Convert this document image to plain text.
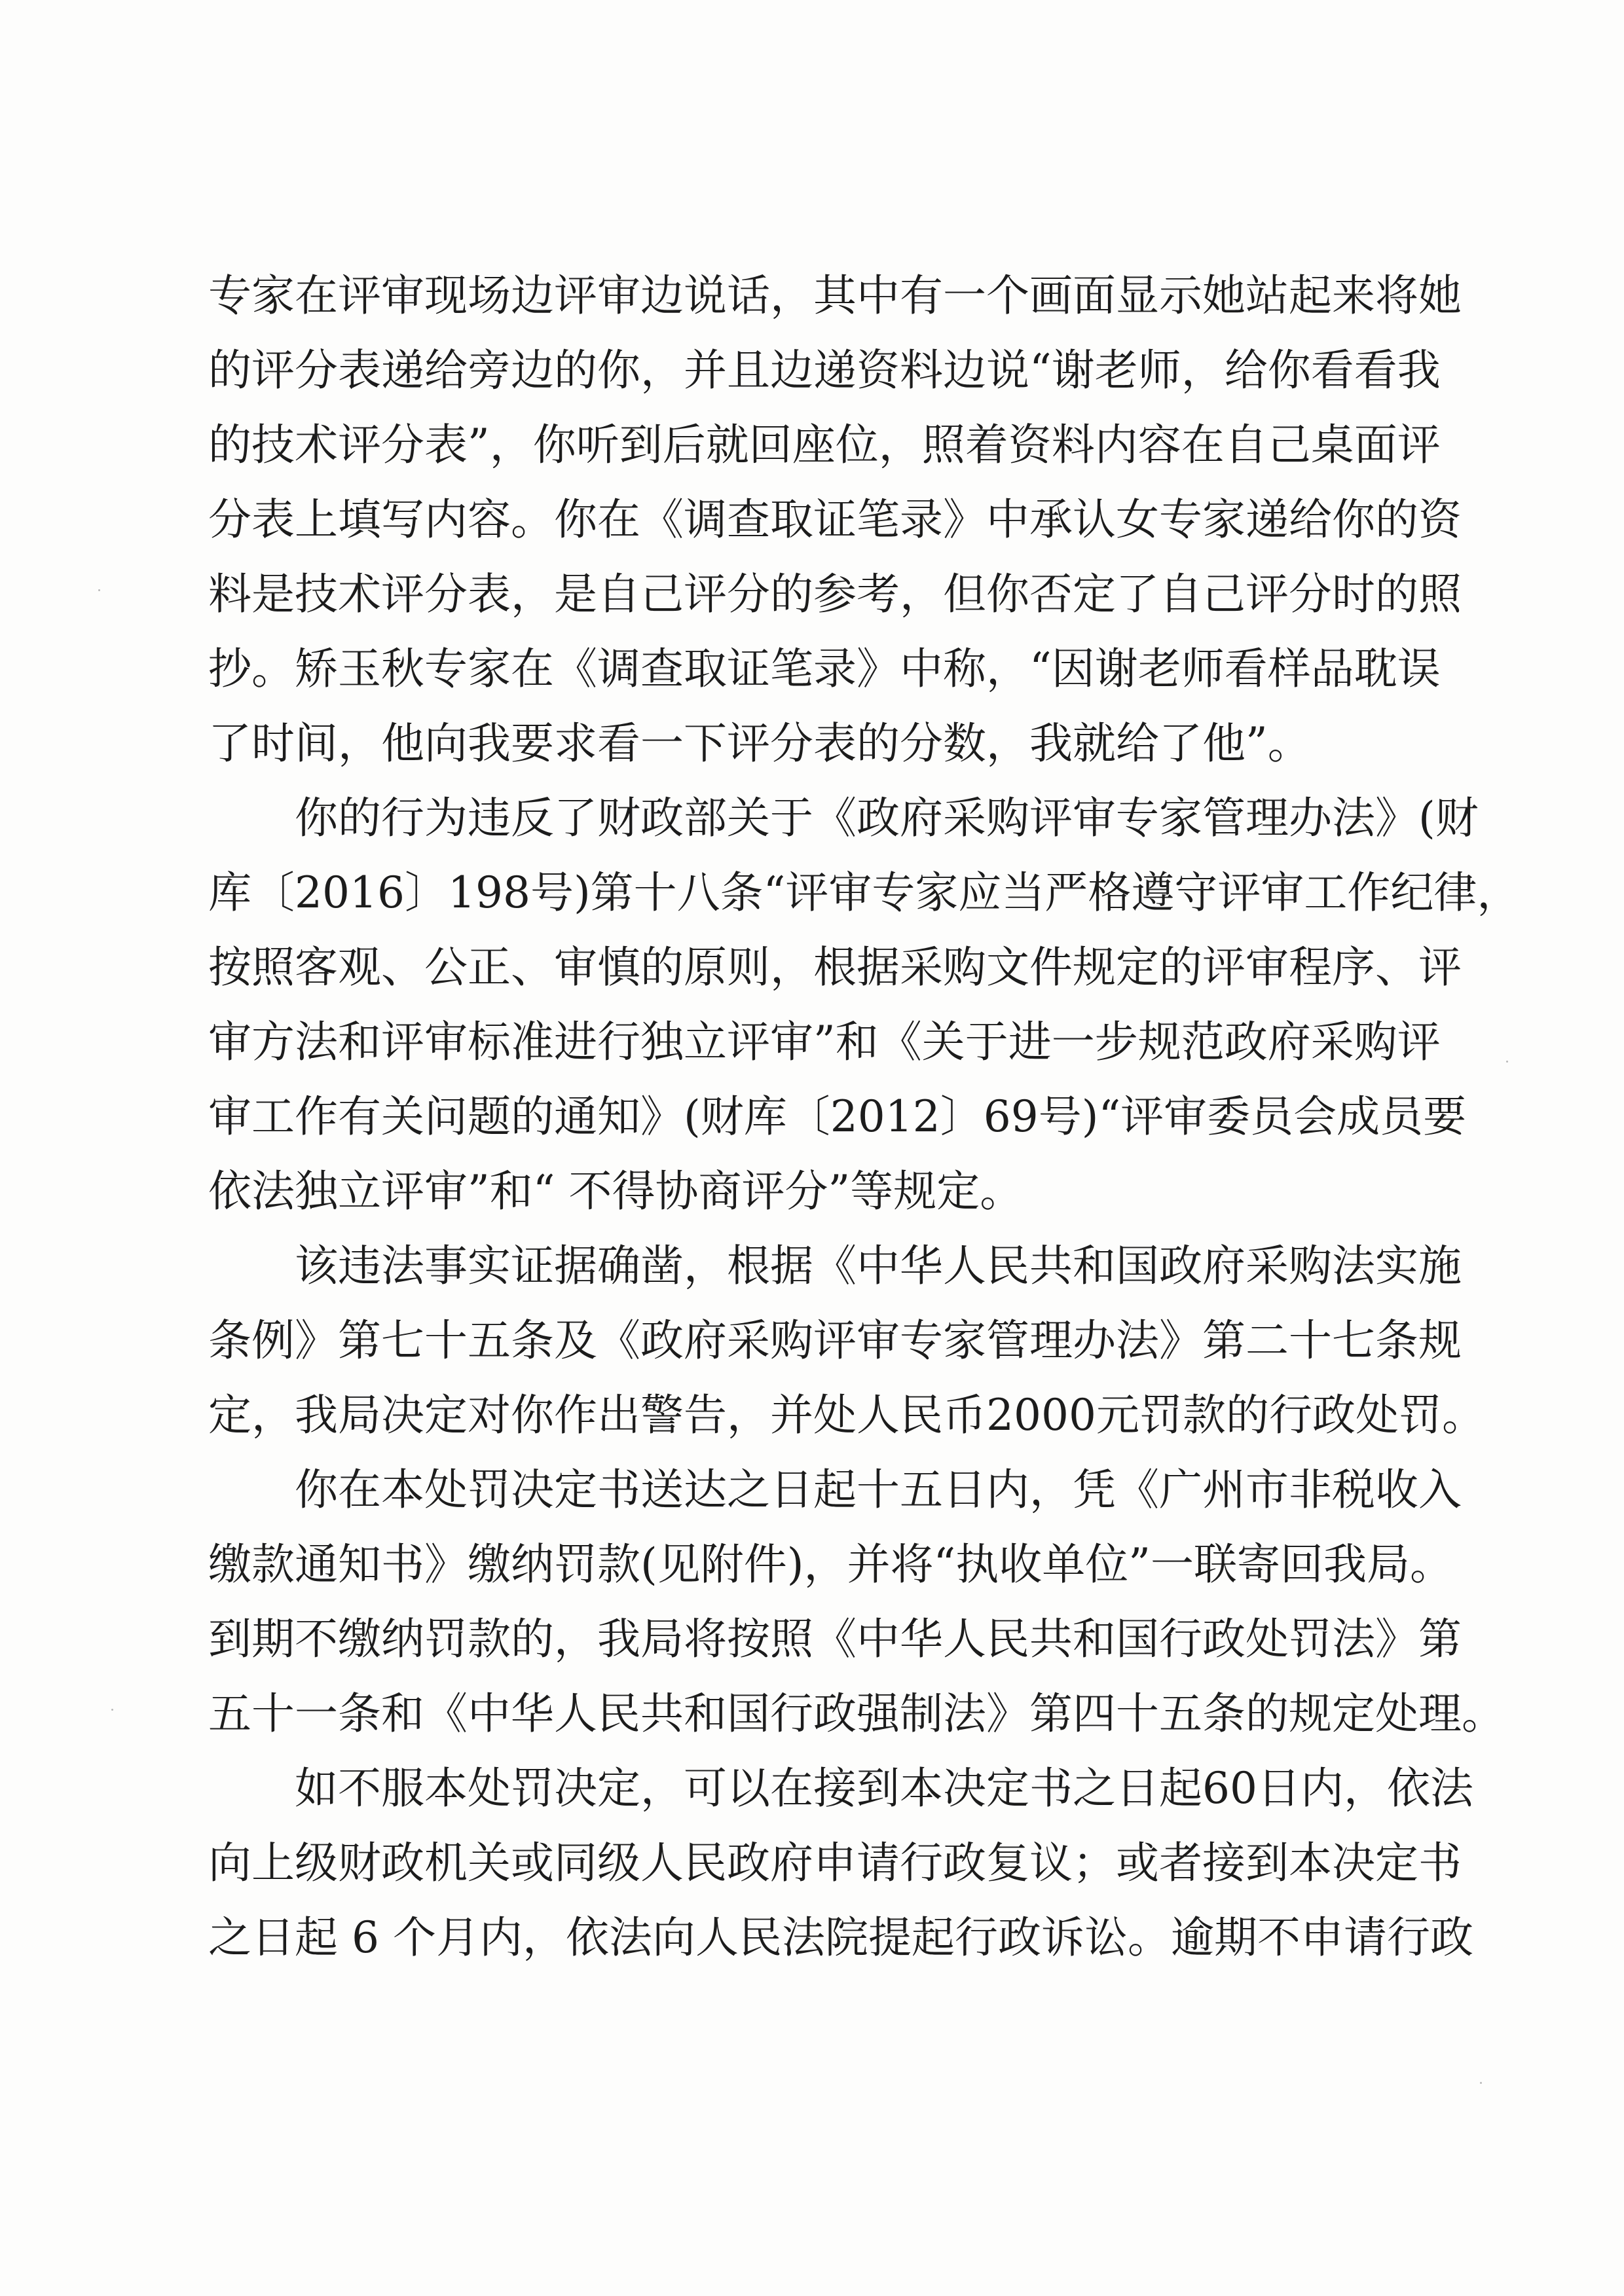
专家在评审现场边评审边说话，其中有一个画面显示她站起来将她
的评分表递给旁边的你，并且边递资料边说“谢老师，给你看看我
的技术评分表”，你听到后就回座位，照着资料内容在自己桌面评
分表上填写内容。你在《调查取证笔录》中承认女专家递给你的资
料是技术评分表，是自己评分的参考，但你否定了自己评分时的照
抄。矫玉秋专家在《调查取证笔录》中称，“因谢老师看样品耽误
了时间，他向我要求看一下评分表的分数，我就给了他”。
你的行为违反了财政部关于《政府采购评审专家管理办法》(财
库〔2016〕198号)第十八条“评审专家应当严格遵守评审工作纪律，
按照客观、公正、审慎的原则，根据采购文件规定的评审程序、评
审方法和评审标准进行独立评审”和《关于进一步规范政府采购评
审工作有关问题的通知》(财库〔2012〕69号)“评审委员会成员要
依法独立评审”和“ 不得协商评分”等规定。
该违法事实证据确凿，根据《中华人民共和国政府采购法实施
条例》第七十五条及《政府采购评审专家管理办法》第二十七条规
定，我局决定对你作出警告，并处人民币2000元罚款的行政处罚。
你在本处罚决定书送达之日起十五日内，凭《广州市非税收入
缴款通知书》缴纳罚款(见附件)，并将“执收单位”一联寄回我局。
到期不缴纳罚款的，我局将按照《中华人民共和国行政处罚法》第
五十一条和《中华人民共和国行政强制法》第四十五条的规定处理。
如不服本处罚决定，可以在接到本决定书之日起60日内，依法
向上级财政机关或同级人民政府申请行政复议；或者接到本决定书
之日起 6 个月内，依法向人民法院提起行政诉讼。逾期不申请行政
